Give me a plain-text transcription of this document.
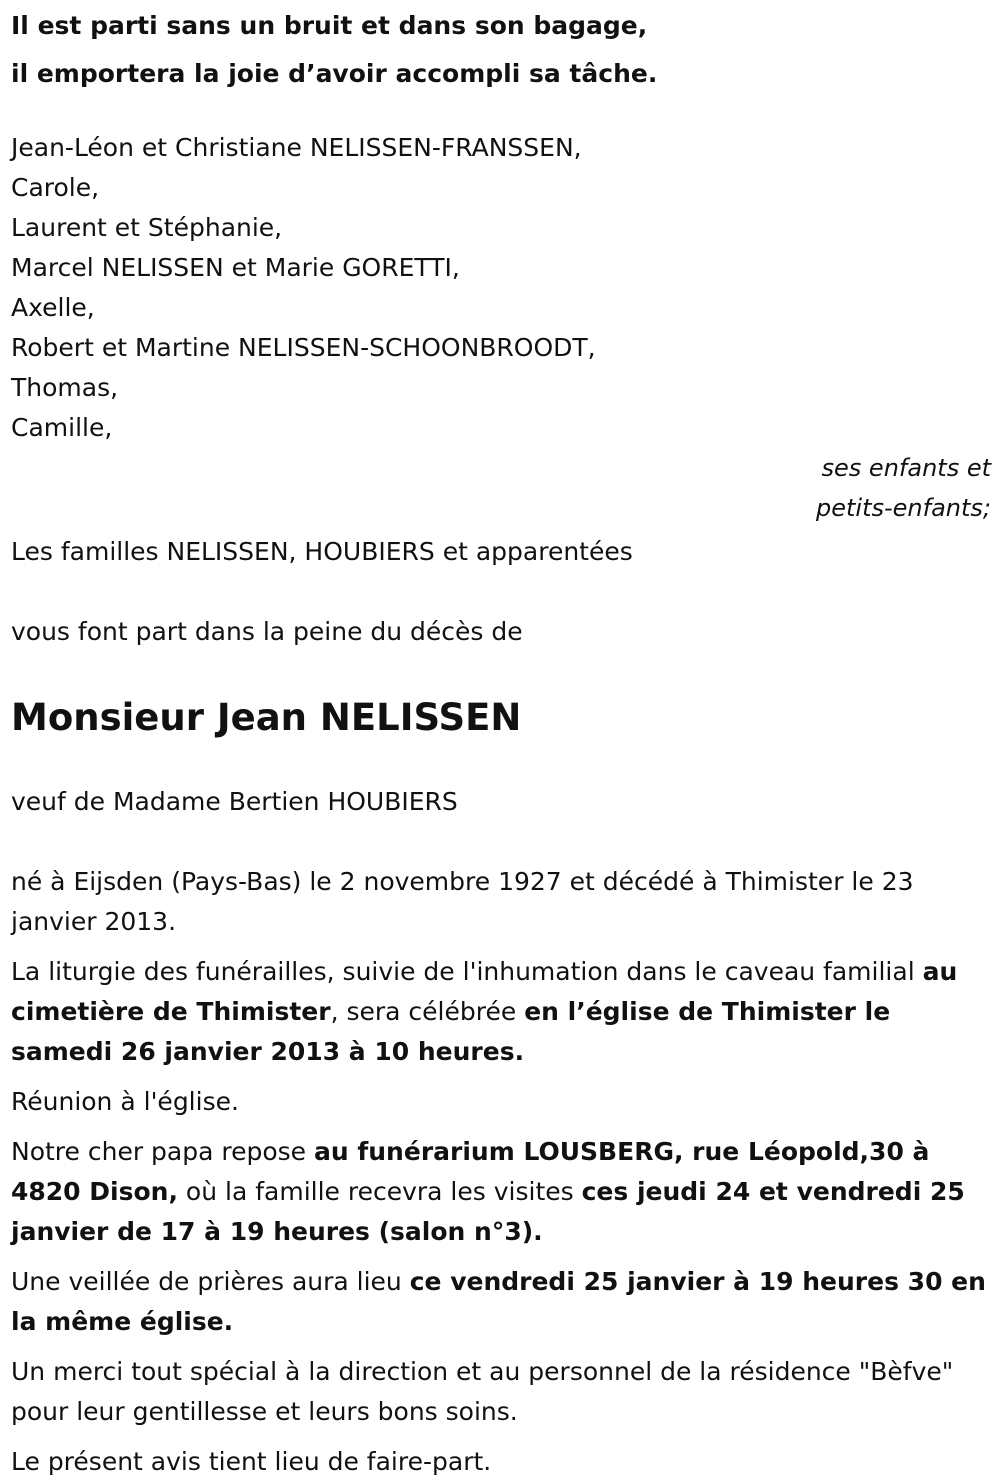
Il est parti sans un bruit et dans son bagage,
il emportera la joie d’avoir accompli sa tâche.
Jean-Léon et Christiane NELISSEN-FRANSSEN,
Carole,
Laurent et Stéphanie,
Marcel NELISSEN et Marie GORETTI,
Axelle,
Robert et Martine NELISSEN-SCHOONBROODT,
Thomas,
Camille,
ses enfants et
petits-enfants;
Les familles NELISSEN, HOUBIERS et apparentées
vous font part dans la peine du décès de
Monsieur Jean NELISSEN
veuf de Madame Bertien HOUBIERS
né à Eijsden (Pays-Bas) le 2 novembre 1927 et décédé à Thimister le 23 janvier 2013.
La liturgie des funérailles, suivie de l'inhumation dans le caveau familial au cimetière de Thimister, sera célébrée en l’église de Thimister le samedi 26 janvier 2013 à 10 heures.
Réunion à l'église.
Notre cher papa repose au funérarium LOUSBERG, rue Léopold,30 à 4820 Dison, où la famille recevra les visites ces jeudi 24 et vendredi 25 janvier de 17 à 19 heures (salon n°3).
Une veillée de prières aura lieu ce vendredi 25 janvier à 19 heures 30 en la même église.
Un merci tout spécial à la direction et au personnel de la résidence "Bèfve" pour leur gentillesse et leurs bons soins.
Le présent avis tient lieu de faire-part.
